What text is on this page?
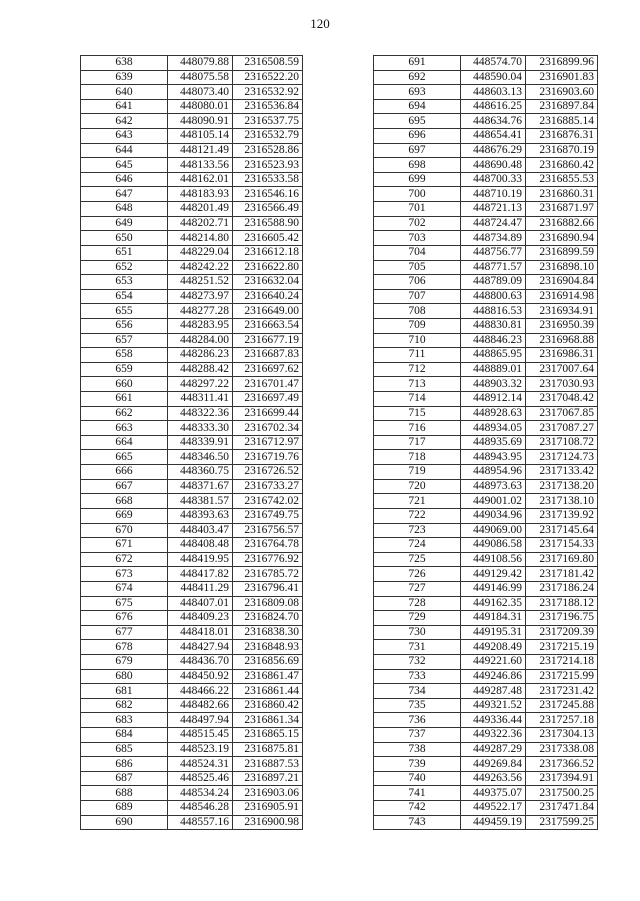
120
638	448079.88	2316508.59
639	448075.58	2316522.20
640	448073.40	2316532.92
641	448080.01	2316536.84
642	448090.91	2316537.75
643	448105.14	2316532.79
644	448121.49	2316528.86
645	448133.56	2316523.93
646	448162.01	2316533.58
647	448183.93	2316546.16
648	448201.49	2316566.49
649	448202.71	2316588.90
650	448214.80	2316605.42
651	448229.04	2316612.18
652	448242.22	2316622.80
653	448251.52	2316632.04
654	448273.97	2316640.24
655	448277.28	2316649.00
656	448283.95	2316663.54
657	448284.00	2316677.19
658	448286.23	2316687.83
659	448288.42	2316697.62
660	448297.22	2316701.47
661	448311.41	2316697.49
662	448322.36	2316699.44
663	448333.30	2316702.34
664	448339.91	2316712.97
665	448346.50	2316719.76
666	448360.75	2316726.52
667	448371.67	2316733.27
668	448381.57	2316742.02
669	448393.63	2316749.75
670	448403.47	2316756.57
671	448408.48	2316764.78
672	448419.95	2316776.92
673	448417.82	2316785.72
674	448411.29	2316796.41
675	448407.01	2316809.08
676	448409.23	2316824.70
677	448418.01	2316838.30
678	448427.94	2316848.93
679	448436.70	2316856.69
680	448450.92	2316861.47
681	448466.22	2316861.44
682	448482.66	2316860.42
683	448497.94	2316861.34
684	448515.45	2316865.15
685	448523.19	2316875.81
686	448524.31	2316887.53
687	448525.46	2316897.21
688	448534.24	2316903.06
689	448546.28	2316905.91
690	448557.16	2316900.98
691	448574.70	2316899.96
692	448590.04	2316901.83
693	448603.13	2316903.60
694	448616.25	2316897.84
695	448634.76	2316885.14
696	448654.41	2316876.31
697	448676.29	2316870.19
698	448690.48	2316860.42
699	448700.33	2316855.53
700	448710.19	2316860.31
701	448721.13	2316871.97
702	448724.47	2316882.66
703	448734.89	2316890.94
704	448756.77	2316899.59
705	448771.57	2316898.10
706	448789.09	2316904.84
707	448800.63	2316914.98
708	448816.53	2316934.91
709	448830.81	2316950.39
710	448846.23	2316968.88
711	448865.95	2316986.31
712	448889.01	2317007.64
713	448903.32	2317030.93
714	448912.14	2317048.42
715	448928.63	2317067.85
716	448934.05	2317087.27
717	448935.69	2317108.72
718	448943.95	2317124.73
719	448954.96	2317133.42
720	448973.63	2317138.20
721	449001.02	2317138.10
722	449034.96	2317139.92
723	449069.00	2317145.64
724	449086.58	2317154.33
725	449108.56	2317169.80
726	449129.42	2317181.42
727	449146.99	2317186.24
728	449162.35	2317188.12
729	449184.31	2317196.75
730	449195.31	2317209.39
731	449208.49	2317215.19
732	449221.60	2317214.18
733	449246.86	2317215.99
734	449287.48	2317231.42
735	449321.52	2317245.88
736	449336.44	2317257.18
737	449322.36	2317304.13
738	449287.29	2317338.08
739	449269.84	2317366.52
740	449263.56	2317394.91
741	449375.07	2317500.25
742	449522.17	2317471.84
743	449459.19	2317599.25
